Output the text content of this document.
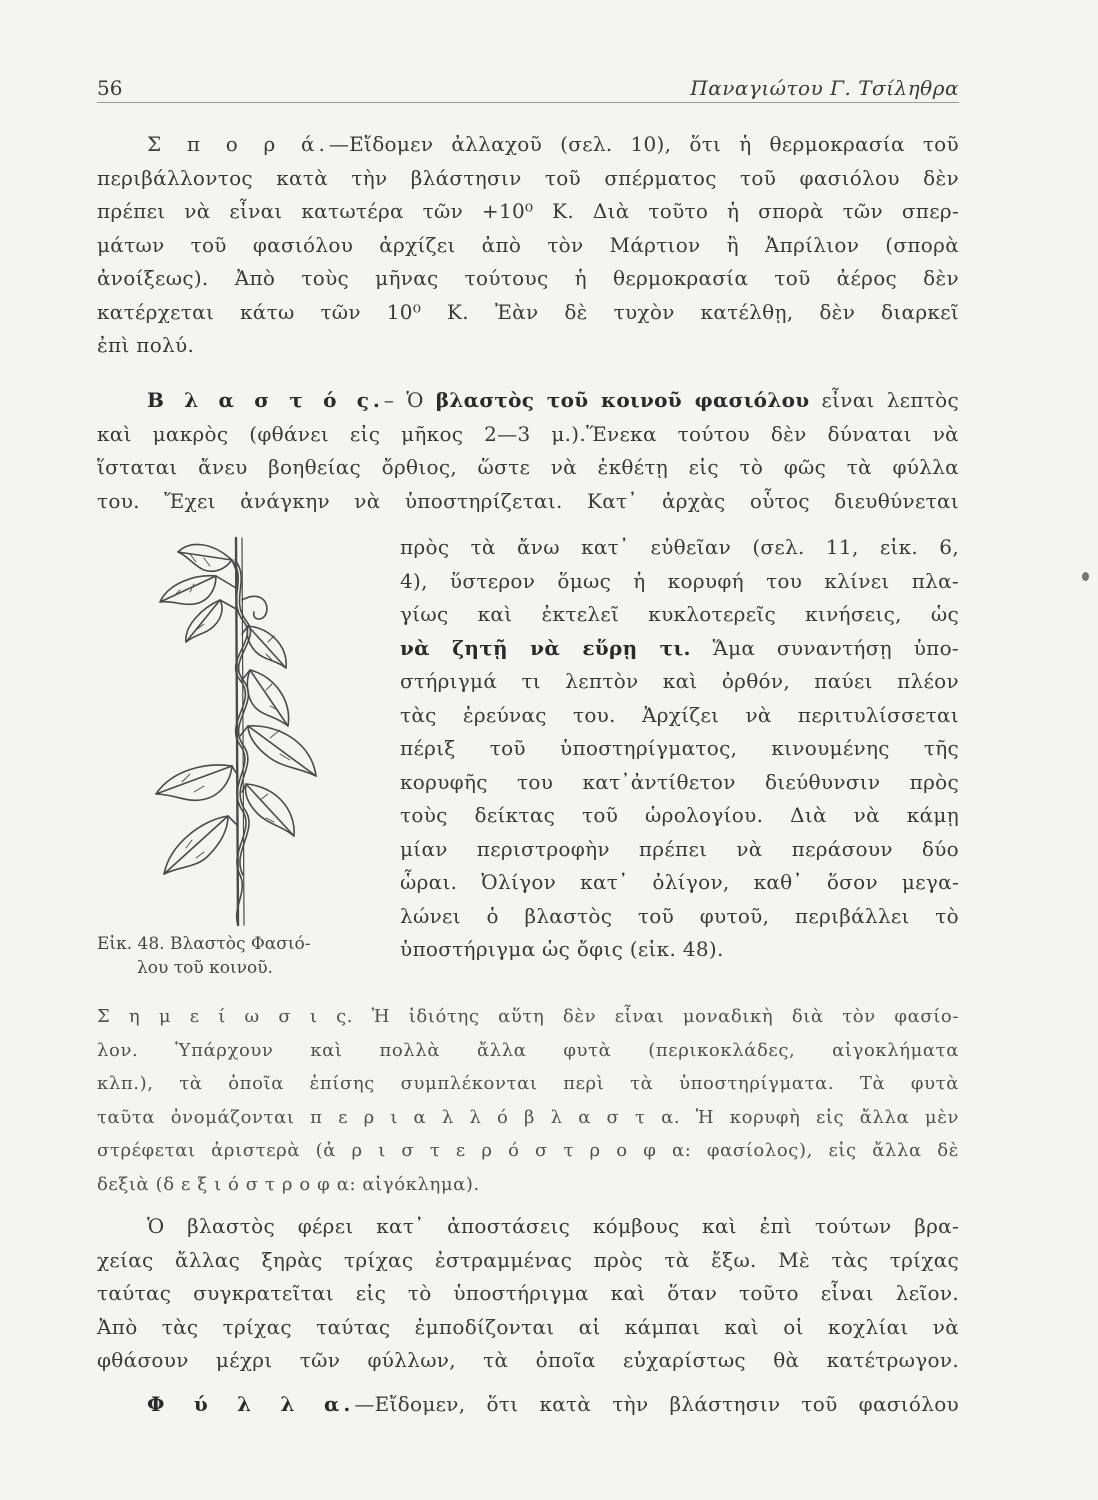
56	Παναγιώτου Γ. Τσίληθρα
Σ π ο ρ ά.—Εἴδομεν ἀλλαχοῦ (σελ. 10), ὅτι ἡ θερμοκρασία τοῦ
περιβάλλοντος κατὰ τὴν βλάστησιν τοῦ σπέρματος τοῦ φασιόλου δὲν
πρέπει νὰ εἶναι κατωτέρα τῶν +10⁰ Κ. Διὰ τοῦτο ἡ σπορὰ τῶν σπερ-
μάτων τοῦ φασιόλου ἀρχίζει ἀπὸ τὸν Μάρτιον ἢ Ἀπρίλιον (σπορὰ
ἀνοίξεως). Ἀπὸ τοὺς μῆνας τούτους ἡ θερμοκρασία τοῦ ἀέρος δὲν
κατέρχεται κάτω τῶν 10⁰ Κ. Ἐὰν δὲ τυχὸν κατέλθῃ, δὲν διαρκεῖ
ἐπὶ πολύ.
Β λ α σ τ ό ς.– Ὁ βλαστὸς τοῦ κοινοῦ φασιόλου εἶναι λεπτὸς
καὶ μακρὸς (φθάνει εἰς μῆκος 2—3 μ.).Ἕνεκα τούτου δὲν δύναται νὰ
ἵσταται ἄνευ βοηθείας ὄρθιος, ὥστε νὰ ἐκθέτῃ εἰς τὸ φῶς τὰ φύλλα
του. Ἔχει ἀνάγκην νὰ ὑποστηρίζεται. Κατ᾿ ἀρχὰς οὗτος διευθύνεται
πρὸς τὰ ἄνω κατ᾿ εὐθεῖαν (σελ. 11, εἰκ. 6,
4), ὕστερον ὅμως ἡ κορυφή του κλίνει πλα-
γίως καὶ ἐκτελεῖ κυκλοτερεῖς κινήσεις, ὡς
νὰ ζητῇ νὰ εὕρῃ τι. Ἅμα συναντήσῃ ὑπο-
στήριγμά τι λεπτὸν καὶ ὀρθόν, παύει πλέον
τὰς ἐρεύνας του. Ἀρχίζει νὰ περιτυλίσσεται
πέριξ τοῦ ὑποστηρίγματος, κινουμένης τῆς
κορυφῆς του κατ᾿ἀντίθετον διεύθυνσιν πρὸς
τοὺς δείκτας τοῦ ὡρολογίου. Διὰ νὰ κάμῃ
μίαν περιστροφὴν πρέπει νὰ περάσουν δύο
ὧραι. Ὀλίγον κατ᾿ ὀλίγον, καθ᾿ ὅσον μεγα-
λώνει ὁ βλαστὸς τοῦ φυτοῦ, περιβάλλει τὸ
ὑποστήριγμα ὡς ὄφις (εἰκ. 48).
Εἰκ. 48. Βλαστὸς Φασιό-
λου τοῦ κοινοῦ.
Σ η μ ε ί ω σ ι ς. Ἡ ἰδιότης αὕτη δὲν εἶναι μοναδικὴ διὰ τὸν φασίο-
λον. Ὑπάρχουν καὶ πολλὰ ἄλλα φυτὰ (περικοκλάδες, αἰγοκλήματα
κλπ.), τὰ ὁποῖα ἐπίσης συμπλέκονται περὶ τὰ ὑποστηρίγματα. Τὰ φυτὰ
ταῦτα ὀνομάζονται π ε ρ ι α λ λ ό β λ α σ τ α. Ἡ κορυφὴ εἰς ἄλλα μὲν
στρέφεται ἀριστερὰ (ἀ ρ ι σ τ ε ρ ό σ τ ρ ο φ α: φασίολος), εἰς ἄλλα δὲ
δεξιὰ (δ ε ξ ι ό σ τ ρ ο φ α: αἰγόκλημα).
Ὁ βλαστὸς φέρει κατ᾿ ἀποστάσεις κόμβους καὶ ἐπὶ τούτων βρα-
χείας ἄλλας ξηρὰς τρίχας ἐστραμμένας πρὸς τὰ ἔξω. Μὲ τὰς τρίχας
ταύτας συγκρατεῖται εἰς τὸ ὑποστήριγμα καὶ ὅταν τοῦτο εἶναι λεῖον.
Ἀπὸ τὰς τρίχας ταύτας ἐμποδίζονται αἱ κάμπαι καὶ οἱ κοχλίαι νὰ
φθάσουν μέχρι τῶν φύλλων, τὰ ὁποῖα εὐχαρίστως θὰ κατέτρωγον.
Φ ύ λ λ α.—Εἴδομεν, ὅτι κατὰ τὴν βλάστησιν τοῦ φασιόλου
